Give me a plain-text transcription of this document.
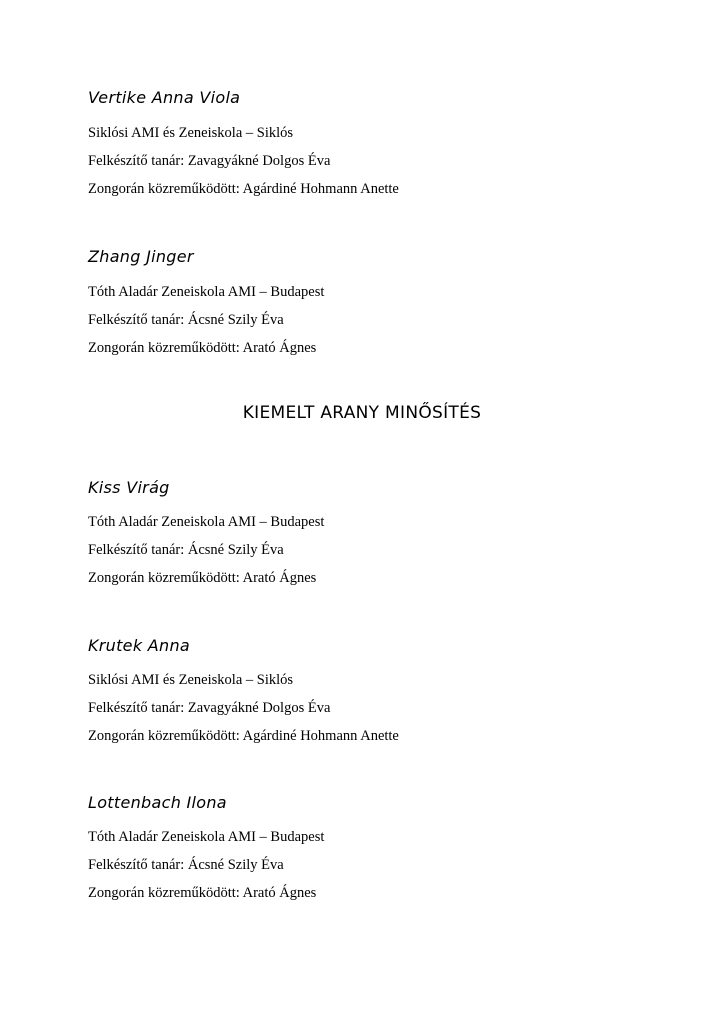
Vertike Anna Viola

Siklósi AMI és Zeneiskola – Siklós

Felkészítő tanár: Zavagyákné Dolgos Éva

Zongorán közreműködött: Agárdiné Hohmann Anette

Zhang Jinger

Tóth Aladár Zeneiskola AMI – Budapest

Felkészítő tanár: Ácsné Szily Éva

Zongorán közreműködött: Arató Ágnes

KIEMELT ARANY MINŐSÍTÉS
Kiss Virág

Tóth Aladár Zeneiskola AMI – Budapest

Felkészítő tanár: Ácsné Szily Éva

Zongorán közreműködött: Arató Ágnes

Krutek Anna

Siklósi AMI és Zeneiskola – Siklós

Felkészítő tanár: Zavagyákné Dolgos Éva

Zongorán közreműködött: Agárdiné Hohmann Anette

Lottenbach Ilona

Tóth Aladár Zeneiskola AMI – Budapest

Felkészítő tanár: Ácsné Szily Éva

Zongorán közreműködött: Arató Ágnes
